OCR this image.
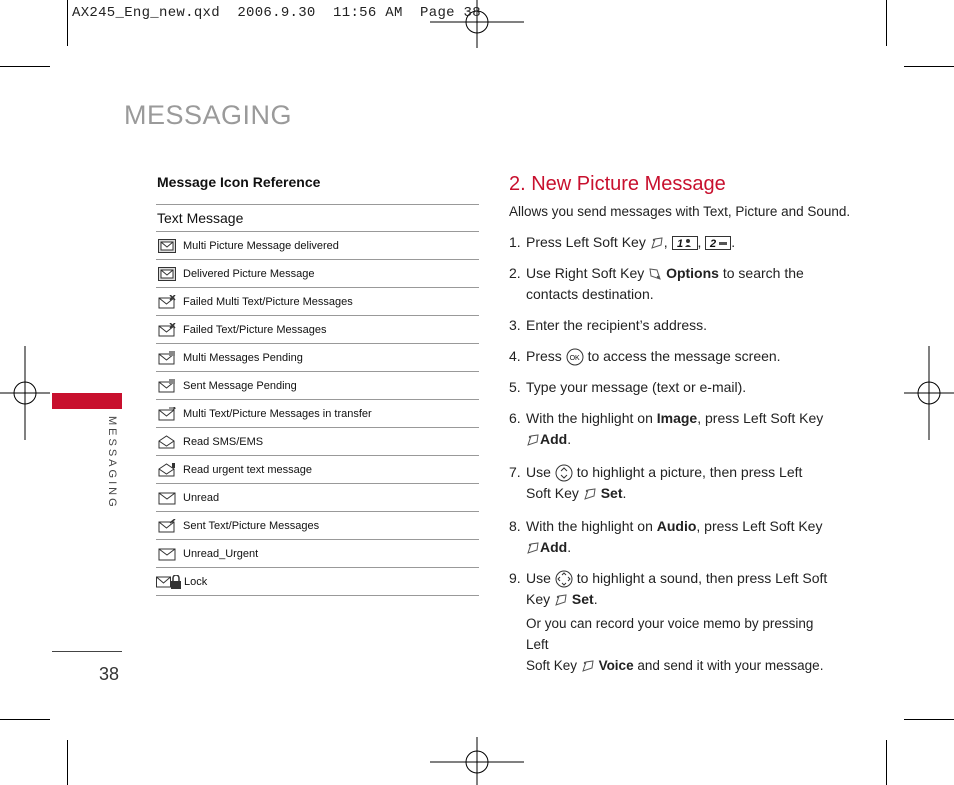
AX245_Eng_new.qxd  2006.9.30  11:56 AM  Page 38
MESSAGING
MESSAGING
38
Message Icon Reference
Text Message
Multi Picture Message delivered
Delivered Picture Message
Failed Multi Text/Picture Messages
Failed Text/Picture Messages
Multi Messages Pending
Sent Message Pending
Multi Text/Picture Messages in transfer
Read SMS/EMS
Read urgent text message
Unread
Sent Text/Picture Messages
Unread_Urgent
Lock
2. New Picture Message
Allows you send messages with Text, Picture and Sound.
1. Press Left Soft Key , 1 , 2 .
2. Use Right Soft Key Options to search the
contacts destination.
3. Enter the recipient’s address.
4. Press OK to access the message screen.
5. Type your message (text or e-mail).
6. With the highlight on Image, press Left Soft Key
Add.
7. Use to highlight a picture, then press Left
Soft Key Set.
8. With the highlight on Audio, press Left Soft Key
Add.
9. Use to highlight a sound, then press Left Soft
Key Set.
Or you can record your voice memo by pressing Left
Soft Key Voice and send it with your message.
